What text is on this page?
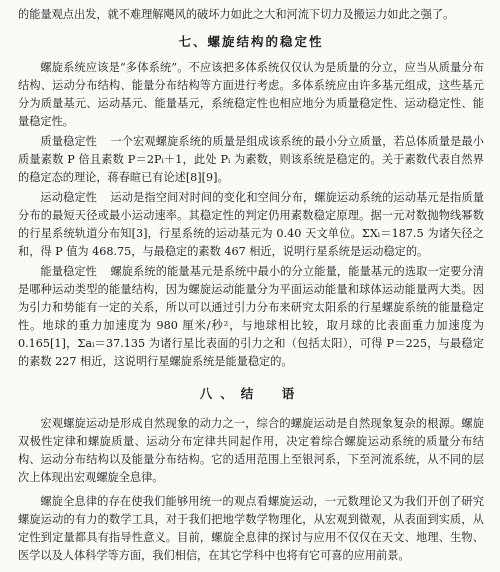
的能量观点出发，就不难理解飓风的破坏力如此之大和河流下切力及搬运力如此之强了。

七、螺旋结构的稳定性

螺旋系统应该是“多体系统”。不应该把多体系统仅仅认为是质量的分立，应当从质量分布结构、运动分布结构、能量分布结构等方面进行考虑。多体系统应由许多基元组成，这些基元分为质量基元、运动基元、能量基元，系统稳定性也相应地分为质量稳定性、运动稳定性、能量稳定性。

质量稳定性 一个宏观螺旋系统的质量是组成该系统的最小分立质量，若总体质量是最小质量素数 P 倍且素数 P＝2Pᵢ＋1，此处 Pᵢ 为素数，则该系统是稳定的。关于素数代表自然界的稳定态的理论，蒋春暄已有论述[8][9]。

运动稳定性 运动是指空间对时间的变化和空间分布，螺旋运动系统的运动基元是指质量分布的最短天径或最小运动速率。其稳定性的判定仍用素数稳定原理。据一元对数抛物线幂数的行星系统轨道分布知[3]，行星系统的运动基元为 0.40 天文单位。ΣXᵢ＝187.5 为诸矢径之和，得 P 值为 468.75，与最稳定的素数 467 相近，说明行星系统是运动稳定的。

能量稳定性 螺旋系统的能量基元是系统中最小的分立能量，能量基元的选取一定要分清是哪种运动类型的能量结构，因为螺旋运动能量分为平面运动能量和球体运动能量两大类。因为引力和势能有一定的关系，所以可以通过引力分布来研究太阳系的行星螺旋系统的能量稳定性。地球的重力加速度为 980 厘米/秒²，与地球相比较，取月球的比表面重力加速度为 0.165[1]，Σaᵢ＝37.135 为诸行星比表面的引力之和（包括太阳），可得 P＝225，与最稳定的素数 227 相近，这说明行星螺旋系统是能量稳定的。

八、结　语

宏观螺旋运动是形成自然现象的动力之一，综合的螺旋运动是自然现象复杂的根源。螺旋双极性定律和螺旋质量、运动分布定律共同起作用，决定着综合螺旋运动系统的质量分布结构、运动分布结构以及能量分布结构。它的适用范围上至银河系，下至河流系统，从不同的层次上体现出宏观螺旋全息律。

螺旋全息律的存在使我们能够用统一的观点看螺旋运动，一元数理论又为我们开创了研究螺旋运动的有力的数学工具，对于我们把地学数学物理化，从宏观到微观，从表面到实质，从定性到定量都具有指导性意义。目前，螺旋全息律的探讨与应用不仅仅在天文、地理、生物、医学以及人体科学等方面，我们相信，在其它学科中也将有它可喜的应用前景。
